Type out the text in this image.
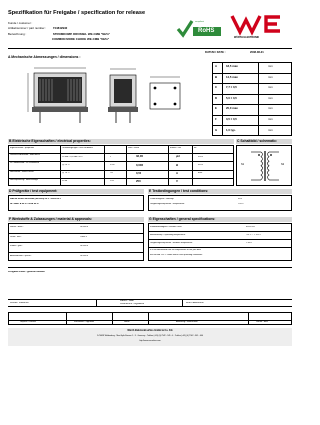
Spezifikation für Freigabe / specification for release
Kunde / customer :
Artikelnummer / part number : 744842932
Bezeichnung :	STROMKOMP. DROSSEL WE-CMB "NiZn"
COMMON MODE CHOKE WE-CMB "NiZn"
compliant
RoHS
WÜRTH ELEKTRONIK
DATUM / DATE :	2008-08-21
A Mechanische Abmessungen / dimensions :
B Elektrische Eigenschaften / electrical properties:	C Schaltbild / schematic:
N1	N2
D Prüfgeräte / test equipment:
WAYNE KERR WK3260B (WK3260) für L / used for L
HP 34401 A für R / used for R
E Testbedingungen / test conditions:
Luftfeuchtigkeit / humidity:	33%
Umgebungstemperatur / temperature:	+20°C
F Werkstoffe & Zulassungen / material & approvals:	G Eigenschaften / general specifications:
It is recommended that the temperature of the part does
not exceed 125°C under worst case operating conditions.
Freigabe erteilt / general release:
Kunde / customer	Datum / date
Unterschrift / signature
Würth Elektronik
Geprüft / checked	Kontrolliert / approved	Name	Änderung / modification	Datum / date
Würth Elektronik eiSos GmbH & Co. KG
D-74638 Waldenburg · Max-Eyth-Strasse 1 - 3 · Germany · Telefon (+49) (0) 7942 - 945 - 0 · Telefax (+49) (0) 7942 - 945 - 400
http://www.we-online.com
SB-TF 1 V1.0
A	18,5 max	mm
B	14,5 max	mm
C	7,7 ± 0,5	mm
D	5,0 ± 0,5	mm
E	20,0 max	mm
F	3,5 ± 0,5	mm
G	1,0 typ.	mm
Eigenschaften / properties	Testbedingungen / test conditions	Wert / value	Einheit / unit	tol.
Leerlauf-Induktivität / inductance
10 kHz / 0,1 mA / 20°C	L	32,00	µH	±50%
DC-Widerstand / DC-resistance
@ 20 °C	R DC	0,006	Ω	±10%
Nennstrom / rated current
@ 70 °C	I N	0,50	A	max.
Nennspannung / rated voltage
50 Hz	U N	250	V
Sockel / base :	UL94V-0
Draht / wire :	Class F
Kleber / glue :	UL94V-0
Abstandhalter / spacer :	UL94V-0
Klimabeständigkeit / climatic class:	40/125/21
Betriebstemp. / operating temperature:	-25°C ~ + 125°C
Umgebungstemperatur / ambient temperature:	+ 85 K
